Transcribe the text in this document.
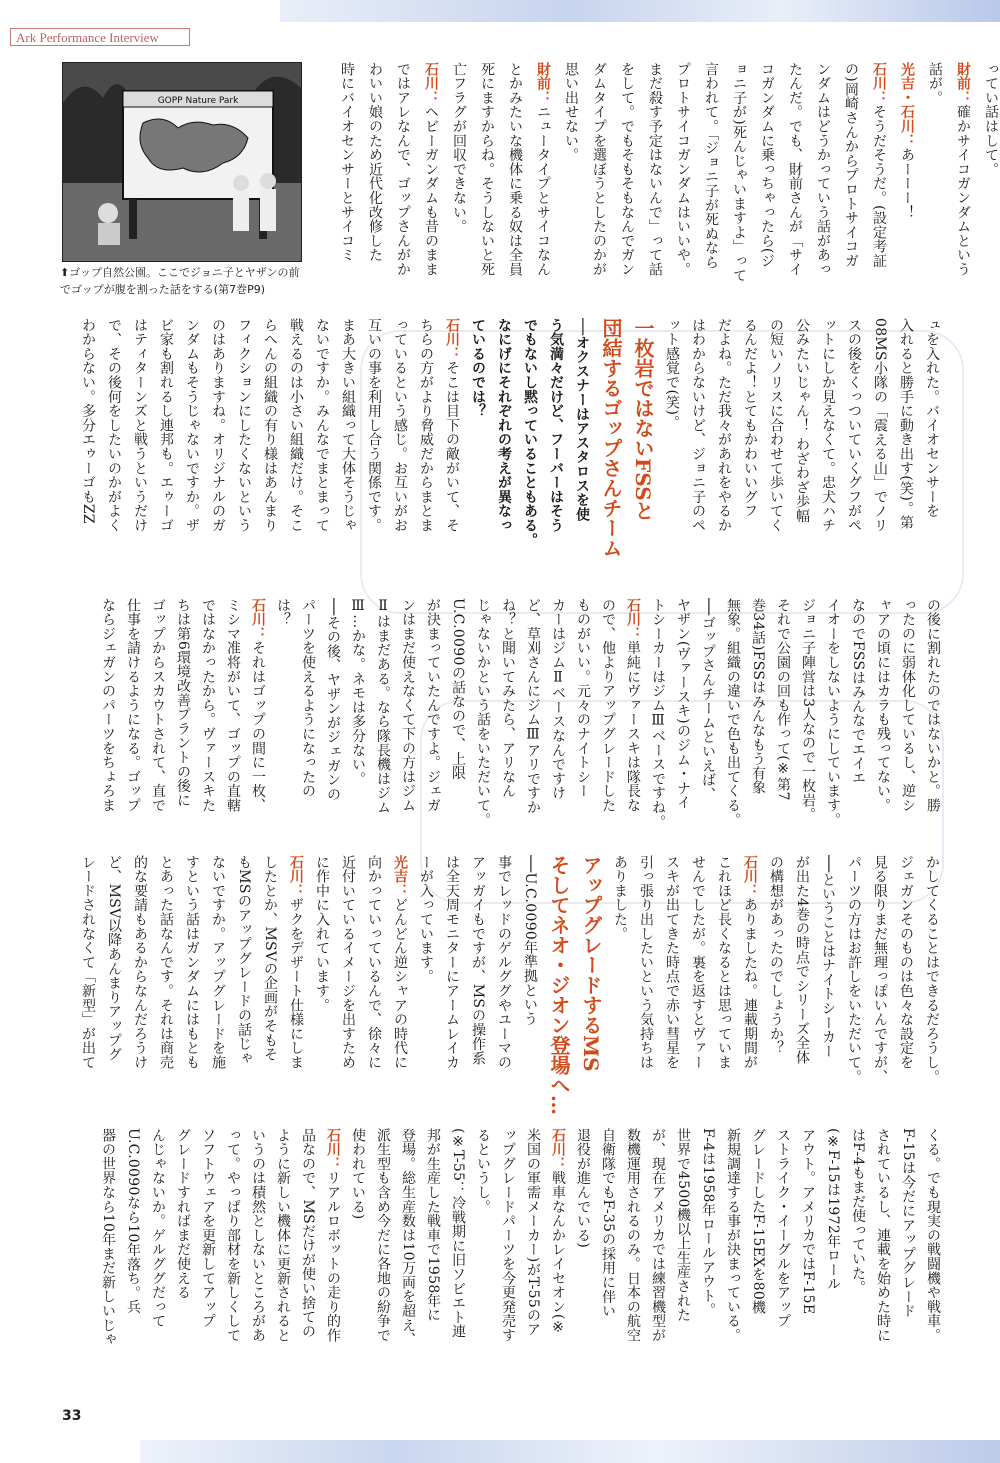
Ark Performance Interview
GOPP Nature Park
⬆ゴップ自然公園。ここでジョニ子とヤザンの前
でゴップが腹を割った話をする(第7巻P9)
ってい話はして。
財前：確かサイコガンダムという
話が。
光吉・石川：あーーー！
石川：そうだそうだ。(設定考証
の)岡崎さんからプロトサイコガ
ンダムはどうかっていう話があっ
たんだ。でも、財前さんが「サイ
コガンダムに乗っちゃったら(ジ
ョニ子が)死んじゃいますよ」って
言われて。「ジョニ子が死ぬなら
プロトサイコガンダムはいいや。
まだ殺す予定はないんで」って話
をして。でもそもそもなんでガン
ダムタイプを選ぼうとしたのかが
思い出せない。
財前：ニュータイプとサイコなん
とかみたいな機体に乗る奴は全員
死にますからね。そうしないと死
亡フラグが回収できない。
石川：ヘビーガンダムも昔のまま
ではアレなんで、ゴップさんがか
わいい娘のため近代化改修した
時にバイオセンサーとサイコミ
ュを入れた。バイオセンサーを
入れると勝手に動き出す(笑)。第
08MS小隊の「震える山」でノリ
スの後をくっついていくグフがペ
ットにしか見えなくて。忠犬ハチ
公みたいじゃん！ わざわざ歩幅
の短いノリスに合わせて歩いてく
るんだよ！とてもかわいいグフ
だよね。ただ我々があれをやるか
はわからないけど、ジョニ子のペ
ット感覚で(笑)。
一枚岩ではないFSSと
団結するゴップさんチーム
──オクスナーはアスタロスを使
う気満々だけど、フーバーはそう
でもないし黙っていることもある。
なにげにそれぞれの考えが異なっ
ているのでは？
石川：そこは目下の敵がいて、そ
ちらの方がより脅威だからまとま
っているという感じ。お互いがお
互いの事を利用し合う関係です。
まあ大きい組織って大体そうじゃ
ないですか。みんなでまとまって
戦えるのは小さい組織だけ。そこ
らへんの組織の有り様はあんまり
フィクションにしたくないという
のはありますね。オリジナルのガ
ンダムもそうじゃないですか。ザ
ビ家も割れるし連邦も。エゥーゴ
はティターンズと戦うというだけ
で、その後何をしたいのかがよく
わからない。多分エゥーゴもZZ
の後に割れたのではないかと。勝
ったのに弱体化しているし、逆シ
ャアの頃にはカラも残ってない。
なのでFSSはみんなでエイエ
イオーをしないようにしています。
ジョニ子陣営は3人なので一枚岩。
それで公園の回も作って(※第7
巻34話)FSSはみんなもう有象
無象。組織の違いで色も出てくる。
──ゴップさんチームといえば、
ヤザン(ヴァースキ)のジム・ナイ
トシーカーはジムⅢベースですね。
石川：単純にヴァースキは隊長な
ので、他よりアップグレードした
ものがいい。元々のナイトシー
カーはジムⅡベースなんですけ
ど、草刈さんにジムⅢアリですか
ね？と聞いてみたら、アリなん
じゃないかという話をいただいて。
U.C.0090の話なので、上限
が決まっていたんですよ。ジェガ
ンはまだ使えなくて下の方はジム
Ⅱはまだある。なら隊長機はジム
Ⅲ…かな。ネモは多分ない。
──その後、ヤザンがジェガンの
パーツを使えるようになったの
は？
石川：それはゴップの間に一枚、
ミシマ准将がいて、ゴップの直轄
ではなかったから。ヴァースキた
ちは第6環境改善プラントの後に
ゴップからスカウトされて、直で
仕事を請けるようになる。ゴップ
ならジェガンのパーツをちょろま
かしてくることはできるだろうし。
ジェガンそのものは色々な設定を
見る限りまだ無理っぽいんですが、
パーツの方はお許しをいただいて。
──ということはナイトシーカー
が出た4巻の時点でシリーズ全体
の構想があったのでしょうか？
石川：ありましたね。連載期間が
これほど長くなるとは思っていま
せんでしたが。裏を返すとヴァー
スキが出てきた時点で赤い彗星を
引っ張り出したいという気持ちは
ありました。
アップグレードするMS
そしてネオ・ジオン登場へ…
──U.C.0090年準拠という
事でレッドのゲルググやユーマの
アッガイもですが、MSの操作系
は全天周モニターにアームレイカ
ーが入っています。
光吉：どんどん逆シャアの時代に
向かっていっているんで、徐々に
近付いているイメージを出すため
に作中に入れています。
石川：ザクをデザート仕様にしま
したとか、MSVの企画がそもそ
もMSのアップグレードの話じゃ
ないですか。アップグレードを施
すという話はガンダムにはもとも
とあった話なんです。それは商売
的な要請もあるからなんだろうけ
ど、MSV以降あんまりアップグ
レードされなくて「新型」が出て
くる。でも現実の戦闘機や戦車。
F-15は今だにアップグレード
されているし、連載を始めた時に
はF-4もまだ使っていた。
(※F-15は1972年ロール
アウト。アメリカではF-15E
ストライク・イーグルをアップ
グレードしたF-15EXを80機
新規調達する事が決まっている。
F-4は1958年ロールアウト。
世界で4500機以上生産された
が、現在アメリカでは練習機型が
数機運用されるのみ。日本の航空
自衛隊でもF-35の採用に伴い
退役が進んでいる)
石川：戦車なんかレイセオン(※
米国の軍需メーカー)がT-55のア
ップグレードパーツを今更発売す
るというし。
(※T-55：冷戦期に旧ソビエト連
邦が生産した戦車で1958年に
登場。総生産数は10万両を超え、
派生型も含め今だに各地の紛争で
使われている)
石川：リアルロボットの走り的作
品なので、MSだけが使い捨ての
ように新しい機体に更新されると
いうのは積然としないところがあ
って。やっぱり部材を新しくして
ソフトウェアを更新してアップ
グレードすればまだ使える
んじゃないか。ゲルググだって
U.C.0090なら10年落ち。兵
器の世界なら10年まだ新しいじゃ
33
